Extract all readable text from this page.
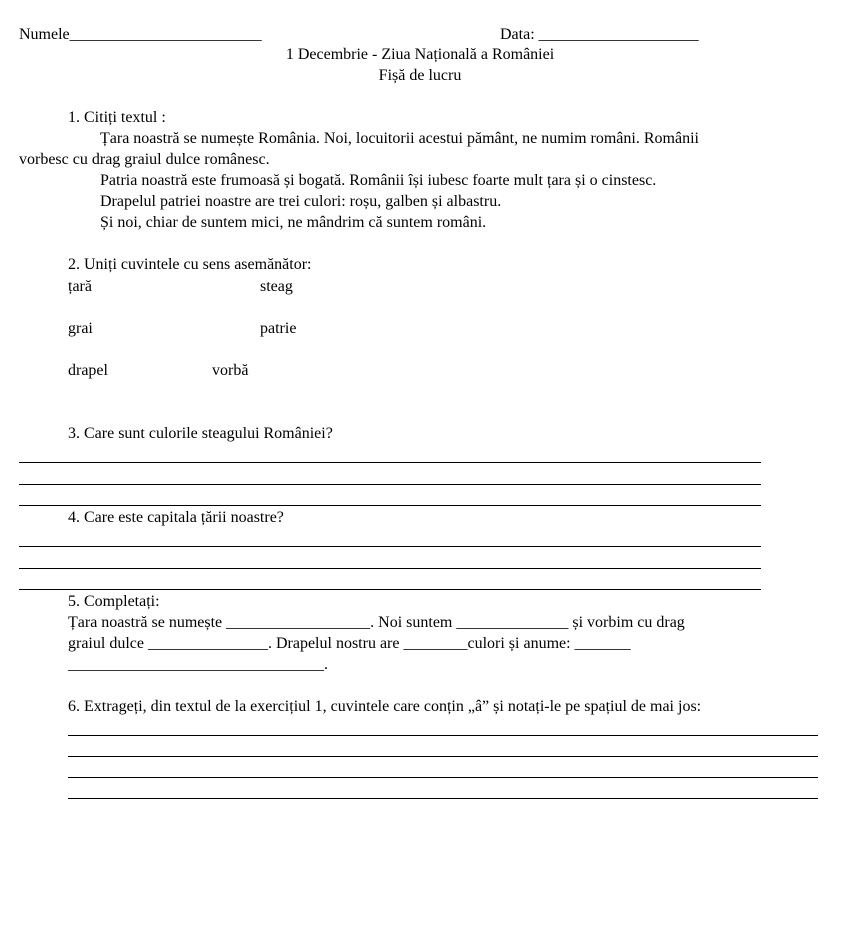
Numele________________________	Data: ____________________
1 Decembrie - Ziua Națională a României
Fișă de lucru
1. Citiți textul :
Țara noastră se numește România. Noi, locuitorii acestui pământ, ne numim români. Românii
vorbesc cu drag graiul dulce românesc.
Patria noastră este frumoasă și bogată. Românii își iubesc foarte mult țara și o cinstesc.
Drapelul patriei noastre are trei culori: roșu, galben și albastru.
Și noi, chiar de suntem mici, ne mândrim că suntem români.
2. Uniți cuvintele cu sens asemănător:
țară	steag
grai	patrie
drapel	vorbă
3. Care sunt culorile steagului României?
4. Care este capitala țării noastre?
5. Completați:
Țara noastră se numește __________________. Noi suntem ______________ și vorbim cu drag
graiul dulce _______________. Drapelul nostru are ________culori și anume: _______
________________________________.
6. Extrageți, din textul de la exercițiul 1, cuvintele care conțin „â” și notați-le pe spațiul de mai jos:
